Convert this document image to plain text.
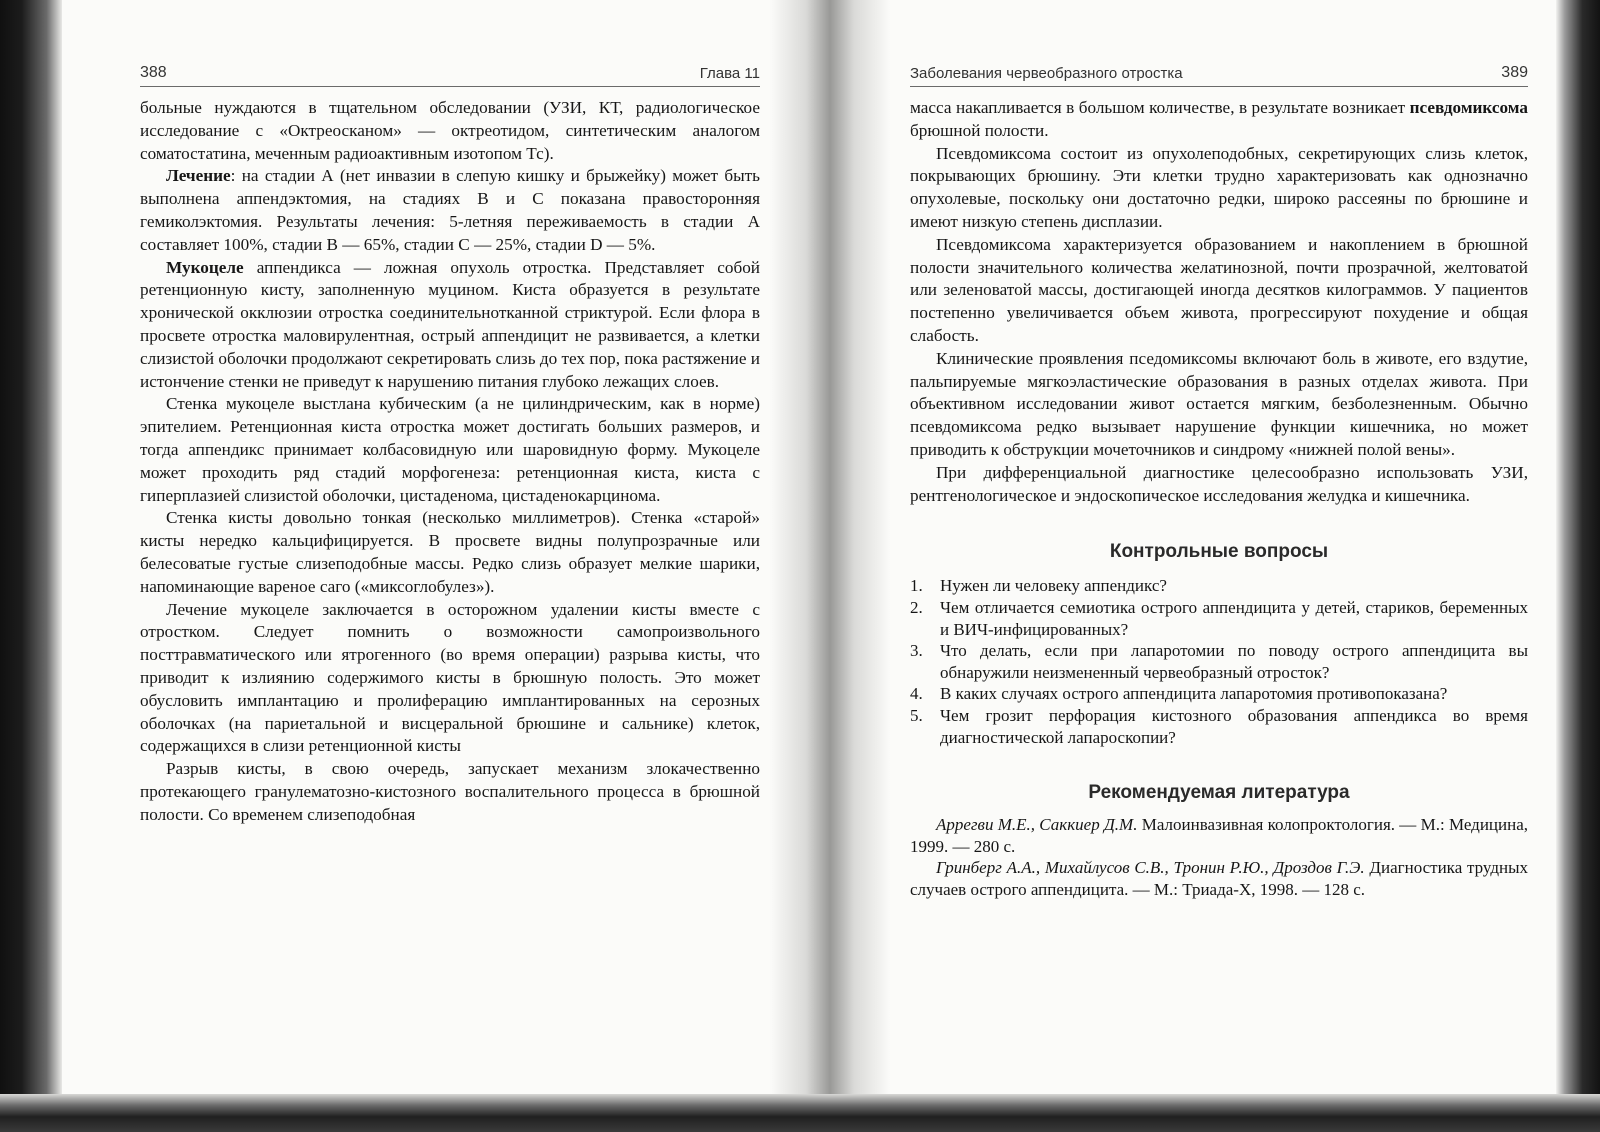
388	Глава 11

больные нуждаются в тщательном обследовании (УЗИ, КТ, радиологическое исследование с «Октреосканом» — октреотидом, синтетическим аналогом соматостатина, меченным радиоактивным изотопом Тс).

Лечение: на стадии А (нет инвазии в слепую кишку и брыжейку) может быть выполнена аппендэктомия, на стадиях В и С показана правосторонняя гемиколэктомия. Результаты лечения: 5-летняя переживаемость в стадии А составляет 100%, стадии В — 65%, стадии С — 25%, стадии D — 5%.

Мукоцеле аппендикса — ложная опухоль отростка. Представляет собой ретенционную кисту, заполненную муцином. Киста образуется в результате хронической окклюзии отростка соединительнотканной стриктурой. Если флора в просвете отростка маловирулентная, острый аппендицит не развивается, а клетки слизистой оболочки продолжают секретировать слизь до тех пор, пока растяжение и истончение стенки не приведут к нарушению питания глубоко лежащих слоев.

Стенка мукоцеле выстлана кубическим (а не цилиндрическим, как в норме) эпителием. Ретенционная киста отростка может достигать больших размеров, и тогда аппендикс принимает колбасовидную или шаровидную форму. Мукоцеле может проходить ряд стадий морфогенеза: ретенционная киста, киста с гиперплазией слизистой оболочки, цистаденома, цистаденокарцинома.

Стенка кисты довольно тонкая (несколько миллиметров). Стенка «старой» кисты нередко кальцифицируется. В просвете видны полупрозрачные или белесоватые густые слизеподобные массы. Редко слизь образует мелкие шарики, напоминающие вареное саго («миксоглобулез»).

Лечение мукоцеле заключается в осторожном удалении кисты вместе с отростком. Следует помнить о возможности самопроизвольного посттравматического или ятрогенного (во время операции) разрыва кисты, что приводит к излиянию содержимого кисты в брюшную полость. Это может обусловить имплантацию и пролиферацию имплантированных на серозных оболочках (на париетальной и висцеральной брюшине и сальнике) клеток, содержащихся в слизи ретенционной кисты

Разрыв кисты, в свою очередь, запускает механизм злокачественно протекающего гранулематозно-кистозного воспалительного процесса в брюшной полости. Со временем слизеподобная

Заболевания червеобразного отростка	389

масса накапливается в большом количестве, в результате возникает псевдомиксома брюшной полости.

Псевдомиксома состоит из опухолеподобных, секретирующих слизь клеток, покрывающих брюшину. Эти клетки трудно характеризовать как однозначно опухолевые, поскольку они достаточно редки, широко рассеяны по брюшине и имеют низкую степень дисплазии.

Псевдомиксома характеризуется образованием и накоплением в брюшной полости значительного количества желатинозной, почти прозрачной, желтоватой или зеленоватой массы, достигающей иногда десятков килограммов. У пациентов постепенно увеличивается объем живота, прогрессируют похудение и общая слабость.

Клинические проявления пседомиксомы включают боль в животе, его вздутие, пальпируемые мягкоэластические образования в разных отделах живота. При объективном исследовании живот остается мягким, безболезненным. Обычно псевдомиксома редко вызывает нарушение функции кишечника, но может приводить к обструкции мочеточников и синдрому «нижней полой вены».

При дифференциальной диагностике целесообразно использовать УЗИ, рентгенологическое и эндоскопическое исследования желудка и кишечника.

Контрольные вопросы
1.	Нужен ли человеку аппендикс?
2.	Чем отличается семиотика острого аппендицита у детей, стариков, беременных и ВИЧ-инфицированных?
3.	Что делать, если при лапаротомии по поводу острого аппендицита вы обнаружили неизмененный червеобразный отросток?
4.	В каких случаях острого аппендицита лапаротомия противопоказана?
5.	Чем грозит перфорация кистозного образования аппендикса во время диагностической лапароскопии?
Рекомендуемая литература

Аррегви М.Е., Саккиер Д.М. Малоинвазивная колопроктология. — М.: Медицина, 1999. — 280 с.

Гринберг А.А., Михайлусов С.В., Тронин Р.Ю., Дроздов Г.Э. Диагностика трудных случаев острого аппендицита. — М.: Триада-Х, 1998. — 128 с.
